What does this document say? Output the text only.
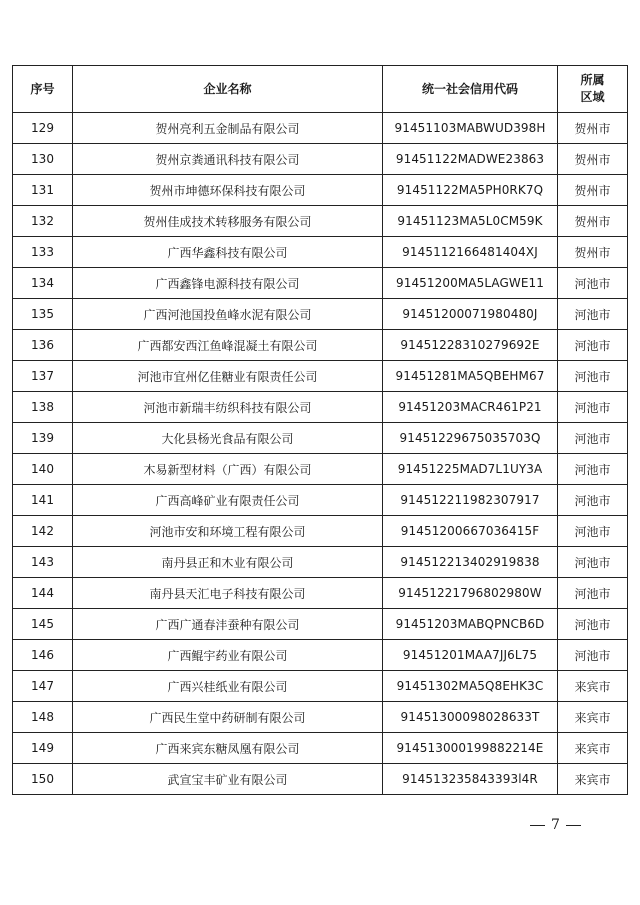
序号	企业名称	统一社会信用代码	所属
区域
129	贺州亮利五金制品有限公司	91451103MABWUD398H	贺州市
130	贺州京粪通讯科技有限公司	91451122MADWE23863	贺州市
131	贺州市坤德环保科技有限公司	91451122MA5PH0RK7Q	贺州市
132	贺州佳成技术转移服务有限公司	91451123MA5L0CM59K	贺州市
133	广西华鑫科技有限公司	9145112166481404XJ	贺州市
134	广西鑫锋电源科技有限公司	91451200MA5LAGWE11	河池市
135	广西河池国投鱼峰水泥有限公司	91451200071980480J	河池市
136	广西都安西江鱼峰混凝土有限公司	91451228310279692E	河池市
137	河池市宜州亿佳糖业有限责任公司	91451281MA5QBEHM67	河池市
138	河池市新瑞丰纺织科技有限公司	91451203MACR461P21	河池市
139	大化县杨光食品有限公司	91451229675035703Q	河池市
140	木易新型材料（广西）有限公司	91451225MAD7L1UY3A	河池市
141	广西高峰矿业有限责任公司	914512211982307917	河池市
142	河池市安和环境工程有限公司	91451200667036415F	河池市
143	南丹县正和木业有限公司	914512213402919838	河池市
144	南丹县天汇电子科技有限公司	91451221796802980W	河池市
145	广西广通春沣蚕种有限公司	91451203MABQPNCB6D	河池市
146	广西鲲宇药业有限公司	91451201MAA7JJ6L75	河池市
147	广西兴桂纸业有限公司	91451302MA5Q8EHK3C	来宾市
148	广西民生堂中药研制有限公司	91451300098028633T	来宾市
149	广西来宾东糖凤凰有限公司	914513000199882214E	来宾市
150	武宣宝丰矿业有限公司	914513235843393l4R	来宾市
7
